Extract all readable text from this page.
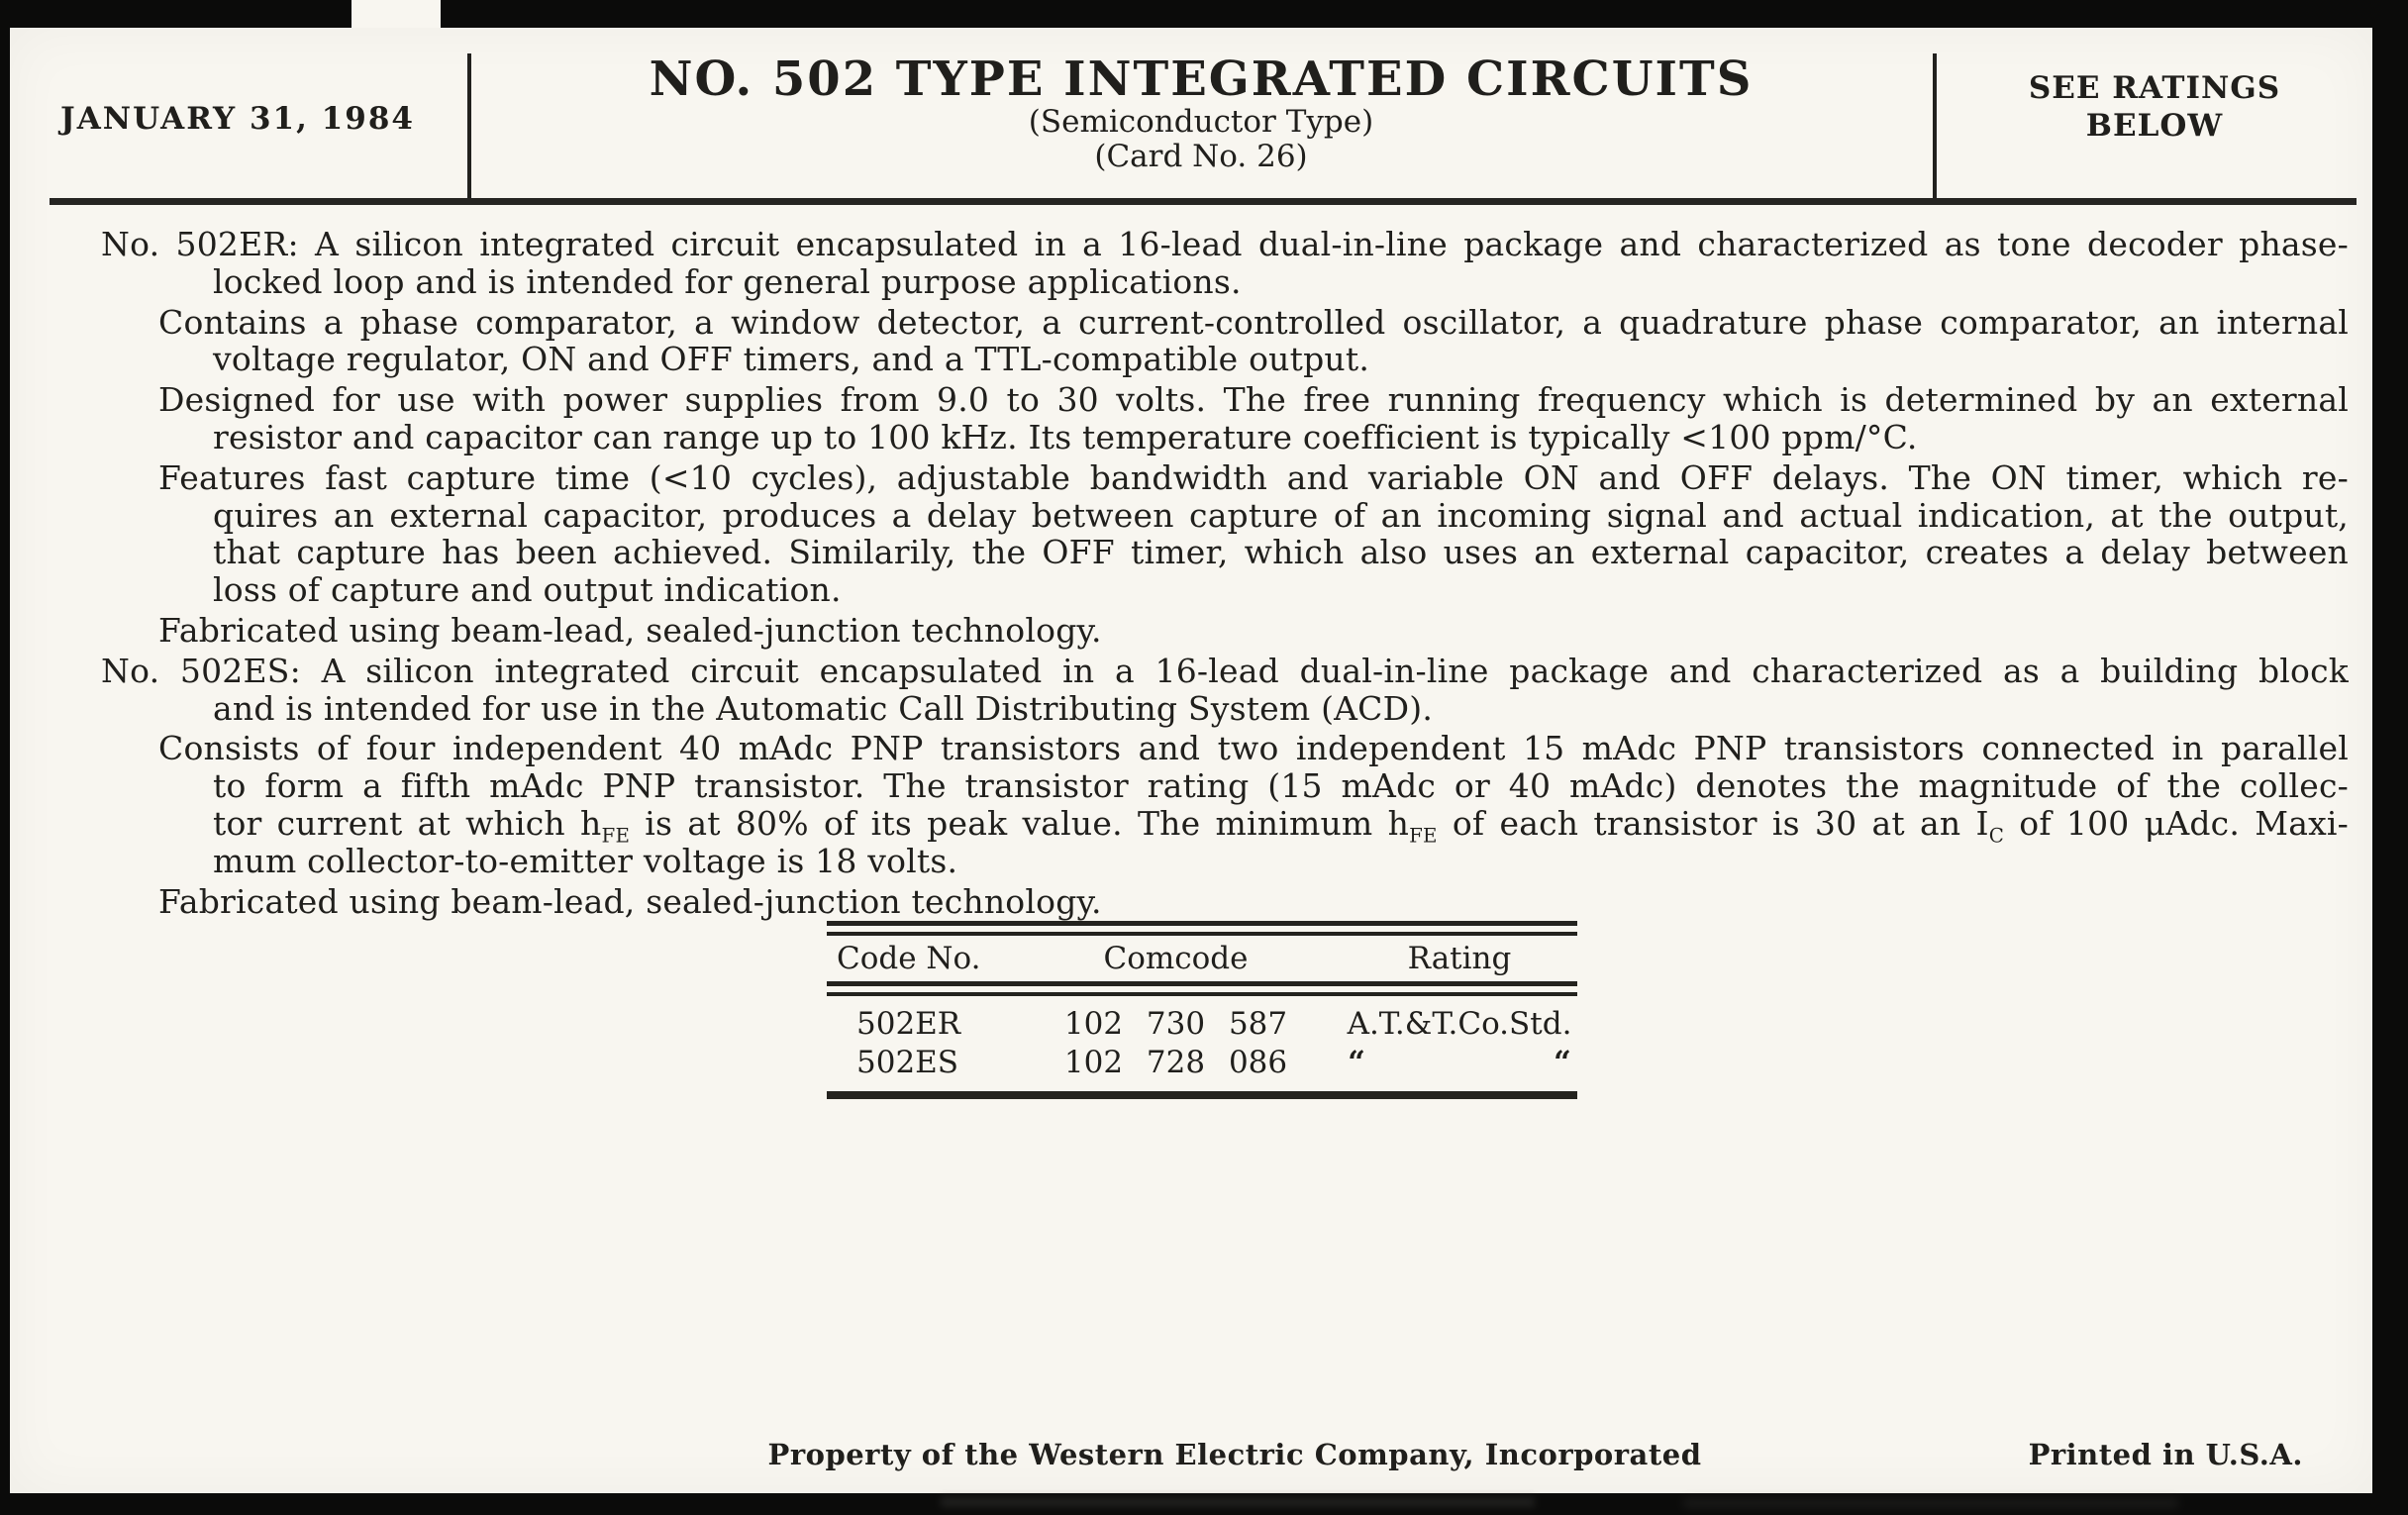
JANUARY 31, 1984
NO. 502 TYPE INTEGRATED CIRCUITS
(Semiconductor Type)
(Card No. 26)
SEE RATINGS
BELOW
No. 502ER: A silicon integrated circuit encapsulated in a 16-lead dual-in-line package and characterized as tone decoder phase-
locked loop and is intended for general purpose applications.
Contains a phase comparator, a window detector, a current-controlled oscillator, a quadrature phase comparator, an internal
voltage regulator, ON and OFF timers, and a TTL-compatible output.
Designed for use with power supplies from 9.0 to 30 volts. The free running frequency which is determined by an external
resistor and capacitor can range up to 100 kHz. Its temperature coefficient is typically <100 ppm/°C.
Features fast capture time (<10 cycles), adjustable bandwidth and variable ON and OFF delays. The ON timer, which re-
quires an external capacitor, produces a delay between capture of an incoming signal and actual indication, at the output,
that capture has been achieved. Similarily, the OFF timer, which also uses an external capacitor, creates a delay between
loss of capture and output indication.
Fabricated using beam-lead, sealed-junction technology.
No. 502ES: A silicon integrated circuit encapsulated in a 16-lead dual-in-line package and characterized as a building block
and is intended for use in the Automatic Call Distributing System (ACD).
Consists of four independent 40 mAdc PNP transistors and two independent 15 mAdc PNP transistors connected in parallel
to form a fifth mAdc PNP transistor. The transistor rating (15 mAdc or 40 mAdc) denotes the magnitude of the collec-
tor current at which $h_{FE}$ is at 80% of its peak value. The minimum $h_{FE}$ of each transistor is 30 at an $I_C$ of 100 μAdc. Maxi-
mum collector-to-emitter voltage is 18 volts.
Fabricated using beam-lead, sealed-junction technology.
Code No.	Comcode	Rating
502ER	102 730 587	A.T.&T.Co.Std.
502ES	102 728 086	“	“
Property of the Western Electric Company, Incorporated	Printed in U.S.A.
